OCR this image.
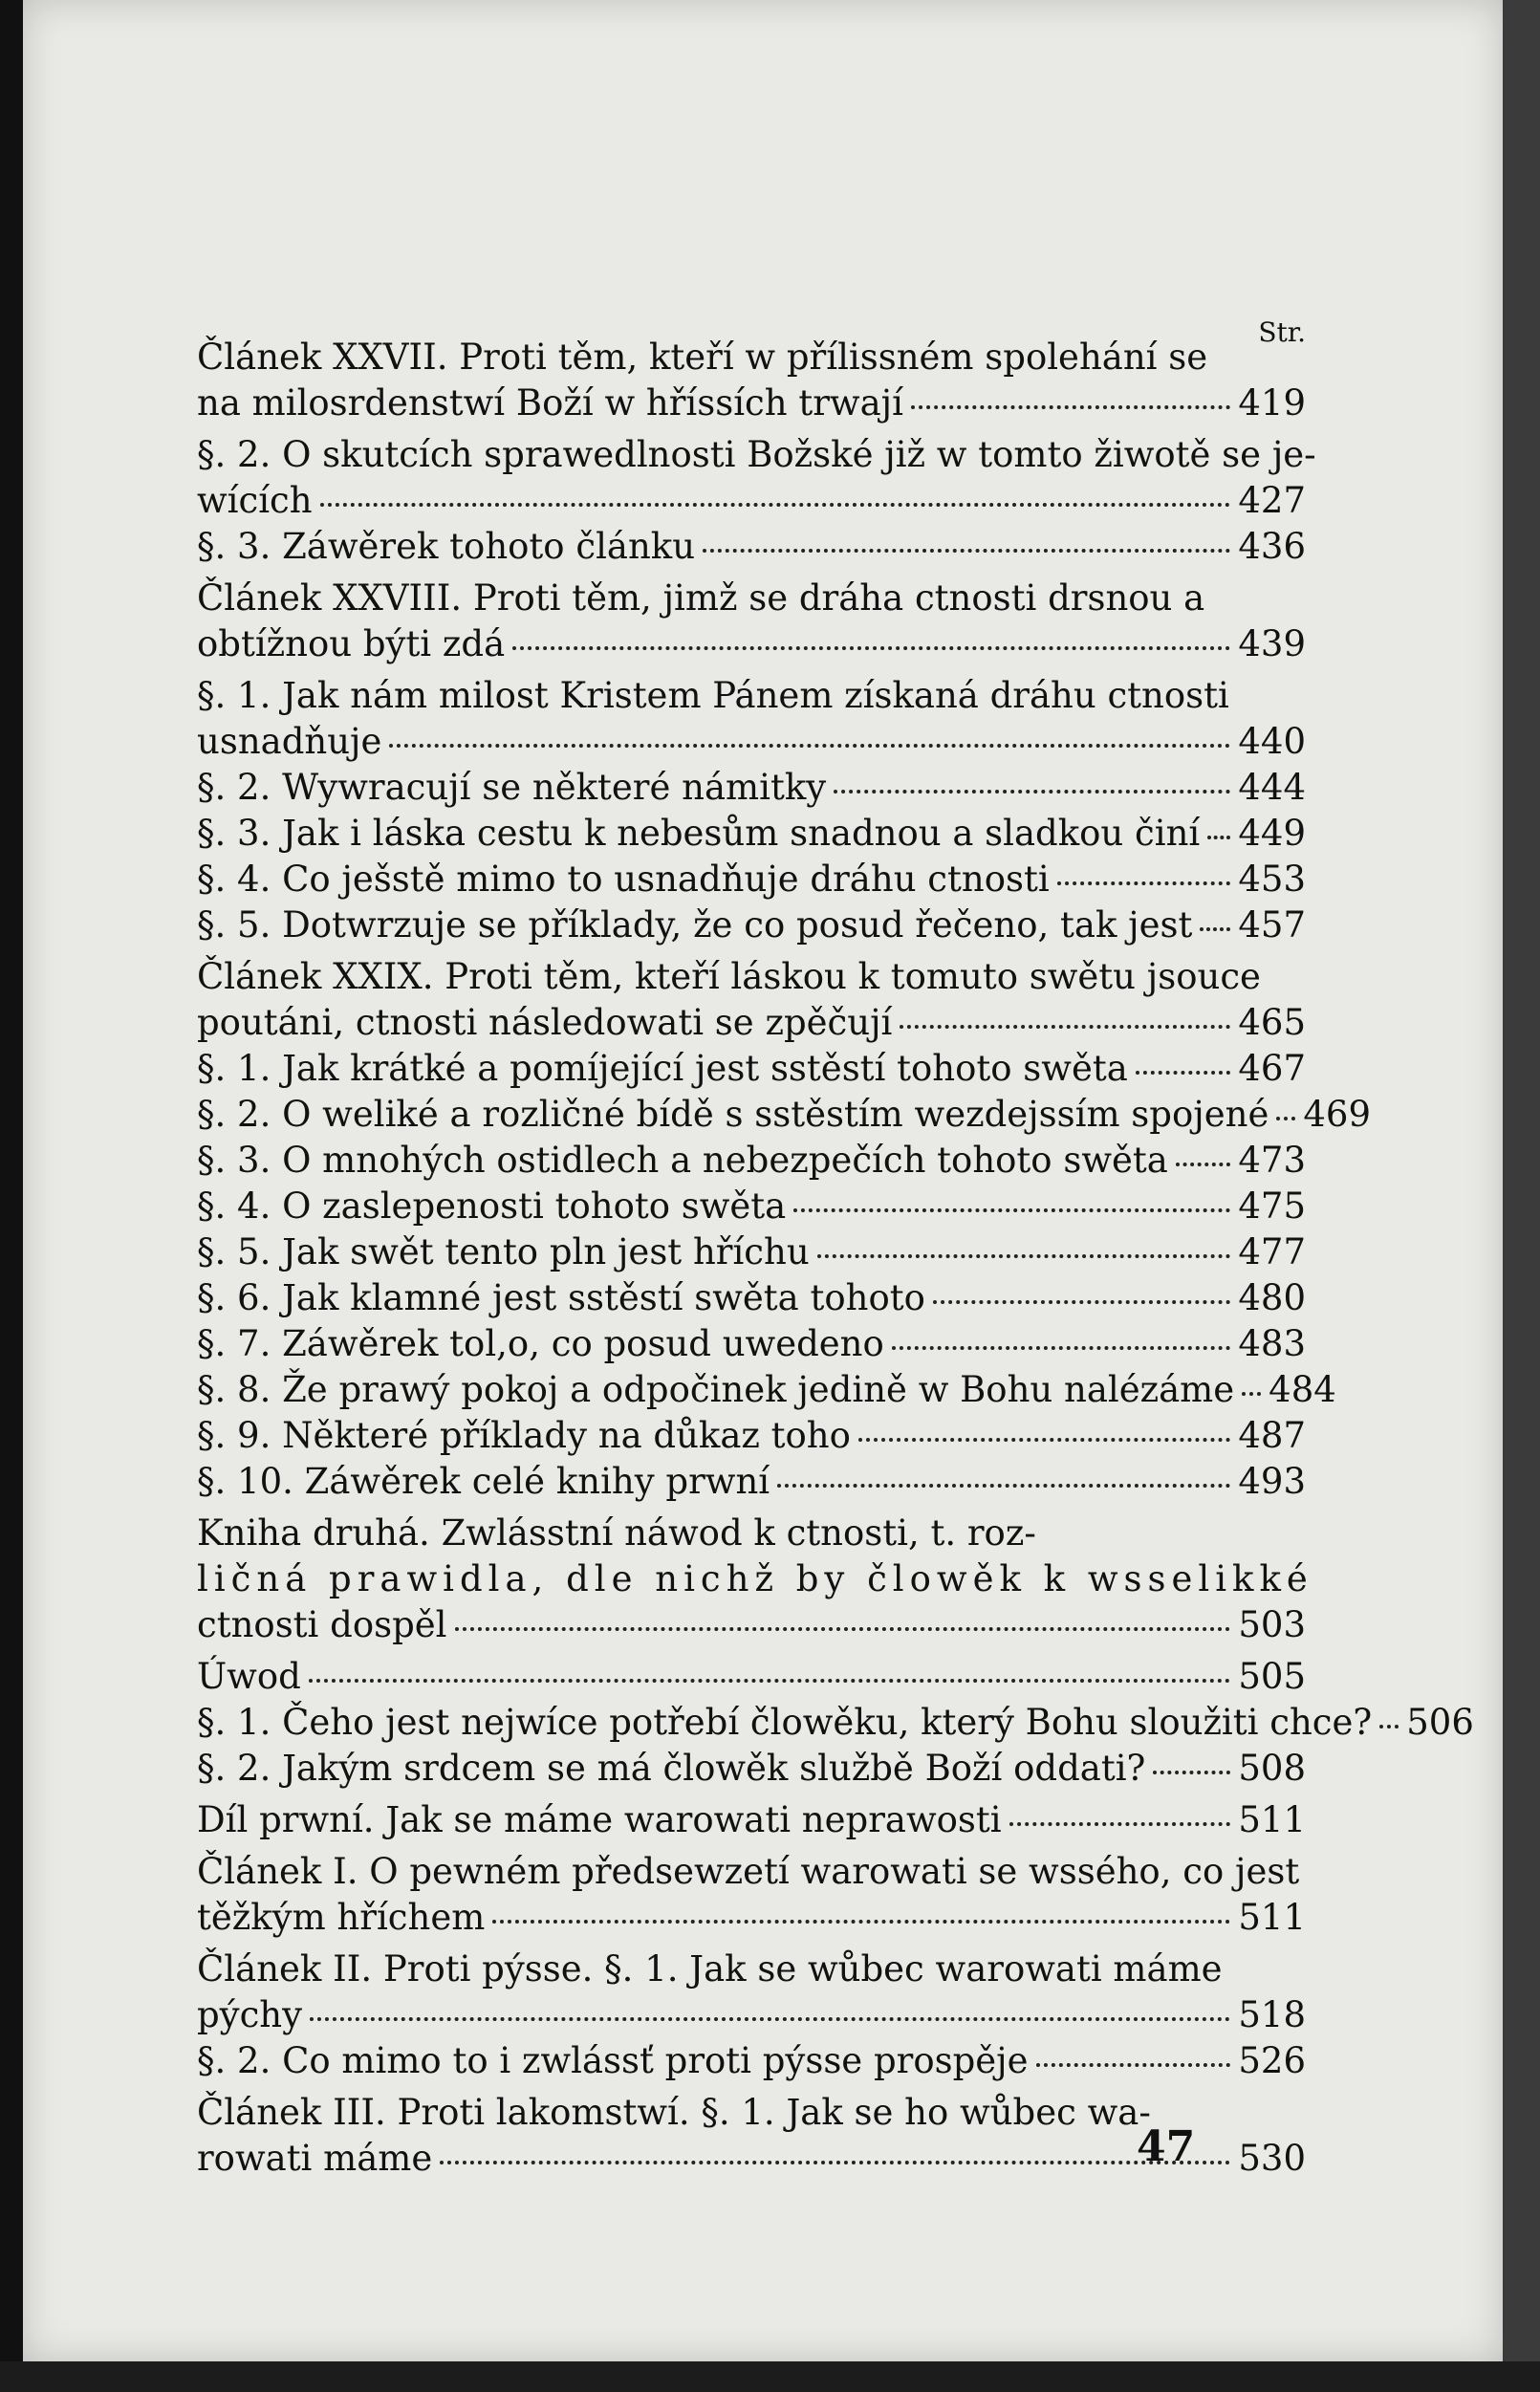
Str.
Článek XXVII. Proti těm, kteří w přílissném spolehání se
na milosrdenstwí Boží w hříssích trwají	419
§. 2. O skutcích sprawedlnosti Božské již w tomto žiwotě se je-
wících	427
§. 3. Záwěrek tohoto článku	436
Článek XXVIII. Proti těm, jimž se dráha ctnosti drsnou a
obtížnou býti zdá	439
§. 1. Jak nám milost Kristem Pánem získaná dráhu ctnosti
usnadňuje	440
§. 2. Wywracují se některé námitky	444
§. 3. Jak i láska cestu k nebesům snadnou a sladkou činí 449
§. 4. Co ješstě mimo to usnadňuje dráhu ctnosti	453
§. 5. Dotwrzuje se příklady, že co posud řečeno, tak jest 457
Článek XXIX. Proti těm, kteří láskou k tomuto swětu jsouce
poutáni, ctnosti následowati se zpěčují	465
§. 1. Jak krátké a pomíjející jest sstěstí tohoto swěta	467
§. 2. O weliké a rozličné bídě s sstěstím wezdejssím spojené 469
§. 3. O mnohých ostidlech a nebezpečích tohoto swěta 473
§. 4. O zaslepenosti tohoto swěta	475
§. 5. Jak swět tento pln jest hříchu	477
§. 6. Jak klamné jest sstěstí swěta tohoto	480
§. 7. Záwěrek tol,o, co posud uwedeno	483
§. 8. Že prawý pokoj a odpočinek jedině w Bohu nalézáme 484
§. 9. Některé příklady na důkaz toho	487
§. 10. Záwěrek celé knihy prwní	493
Kniha druhá. Zwlásstní náwod k ctnosti, t. roz-
ličná prawidla, dle nichž by člowěk k wsselikké
ctnosti dospěl	503
Úwod	505
§. 1. Čeho jest nejwíce potřebí člowěku, který Bohu sloužiti chce? 506
§. 2. Jakým srdcem se má člowěk službě Boží oddati?	508
Díl prwní. Jak se máme warowati neprawosti	511
Článek I. O pewném předsewzetí warowati se wssého, co jest
těžkým hříchem	511
Článek II. Proti pýsse. §. 1. Jak se wůbec warowati máme
pýchy	518
§. 2. Co mimo to i zwlássť proti pýsse prospěje	526
Článek III. Proti lakomstwí. §. 1. Jak se ho wůbec wa-
rowati máme	530
47
